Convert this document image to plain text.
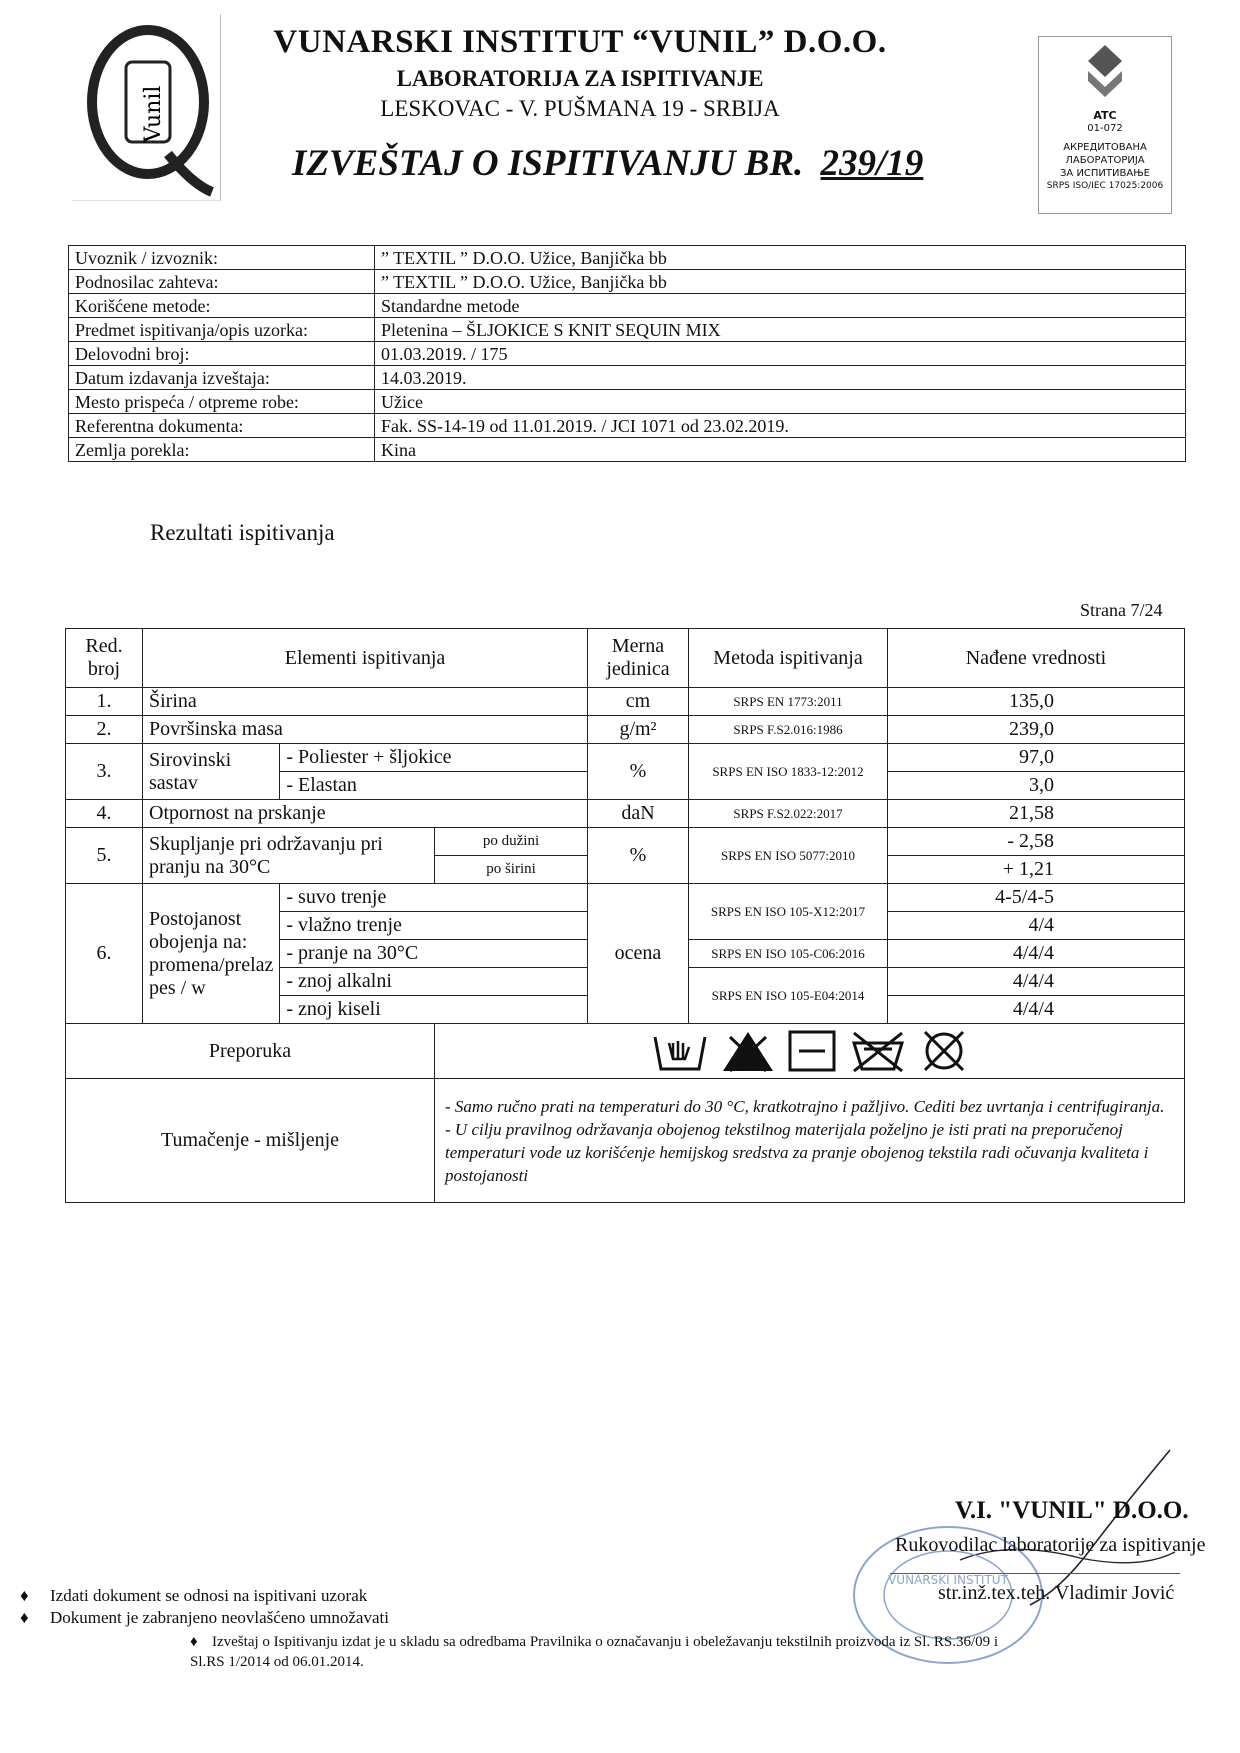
Vunil
VUNARSKI INSTITUT “VUNIL” D.O.O.
LABORATORIJA ZA ISPITIVANJE
LESKOVAC - V. PUŠMANA 19 - SRBIJA
IZVEŠTAJ O ISPITIVANJU BR. 239/19
ATC
01-072
АКРЕДИТОВАНА
ЛАБОРАТОРИЈА
ЗА ИСПИТИВАЊЕ
SRPS ISO/IEC 17025:2006
Uvoznik / izvoznik:	” TEXTIL ” D.O.O. Užice, Banjička bb
Podnosilac zahteva:	” TEXTIL ” D.O.O. Užice, Banjička bb
Korišćene metode:	Standardne metode
Predmet ispitivanja/opis uzorka:	Pletenina – ŠLJOKICE S KNIT SEQUIN MIX
Delovodni broj:	01.03.2019. / 175
Datum izdavanja izveštaja:	14.03.2019.
Mesto prispeća / otpreme robe:	Užice
Referentna dokumenta:	Fak. SS-14-19 od 11.01.2019. / JCI 1071 od 23.02.2019.
Zemlja porekla:	Kina
Rezultati ispitivanja
Strana 7/24
Red. broj	Elementi ispitivanja			Merna jedinica	Metoda ispitivanja	Nađene vrednosti
1.	Širina			cm	SRPS EN 1773:2011	135,0
2.	Površinska masa			g/m²	SRPS F.S2.016:1986	239,0
3.	Sirovinski sastav	- Poliester + šljokice		%	SRPS EN ISO 1833-12:2012	97,0
		- Elastan				3,0
4.	Otpornost na prskanje			daN	SRPS F.S2.022:2017	21,58
5.	Skupljanje pri održavanju pri pranju na 30°C		po dužini	%	SRPS EN ISO 5077:2010	- 2,58
			po širini			+ 1,21
6.	Postojanost obojenja na: promena/prelaz pes / w	- suvo trenje		ocena	SRPS EN ISO 105-X12:2017	4-5/4-5
		- vlažno trenje				4/4
		- pranje na 30°C			SRPS EN ISO 105-C06:2016	4/4/4
		- znoj alkalni			SRPS EN ISO 105-E04:2014	4/4/4
		- znoj kiseli				4/4/4
Preporuka	
Tumačenje - mišljenje			- Samo ručno prati na temperaturi do 30 °C, kratkotrajno i pažljivo. Cediti bez uvrtanja i centrifugiranja.
- U cilju pravilnog održavanja obojenog tekstilnog materijala poželjno je isti prati na preporučenoj temperaturi vode uz korišćenje hemijskog sredstva za pranje obojenog tekstila radi očuvanja kvaliteta i postojanosti			
VUNARSKI INSTITUT
V.I. "VUNIL" D.O.O.
Rukovodilac laboratorije za ispitivanje
str.inž.tex.teh. Vladimir Jović
♦ Izdati dokument se odnosi na ispitivani uzorak
♦ Dokument je zabranjeno neovlašćeno umnožavati
♦ Izveštaj o Ispitivanju izdat je u skladu sa odredbama Pravilnika o označavanju i obeležavanju tekstilnih proizvoda iz Sl. RS.36/09 i Sl.RS 1/2014 od 06.01.2014.
